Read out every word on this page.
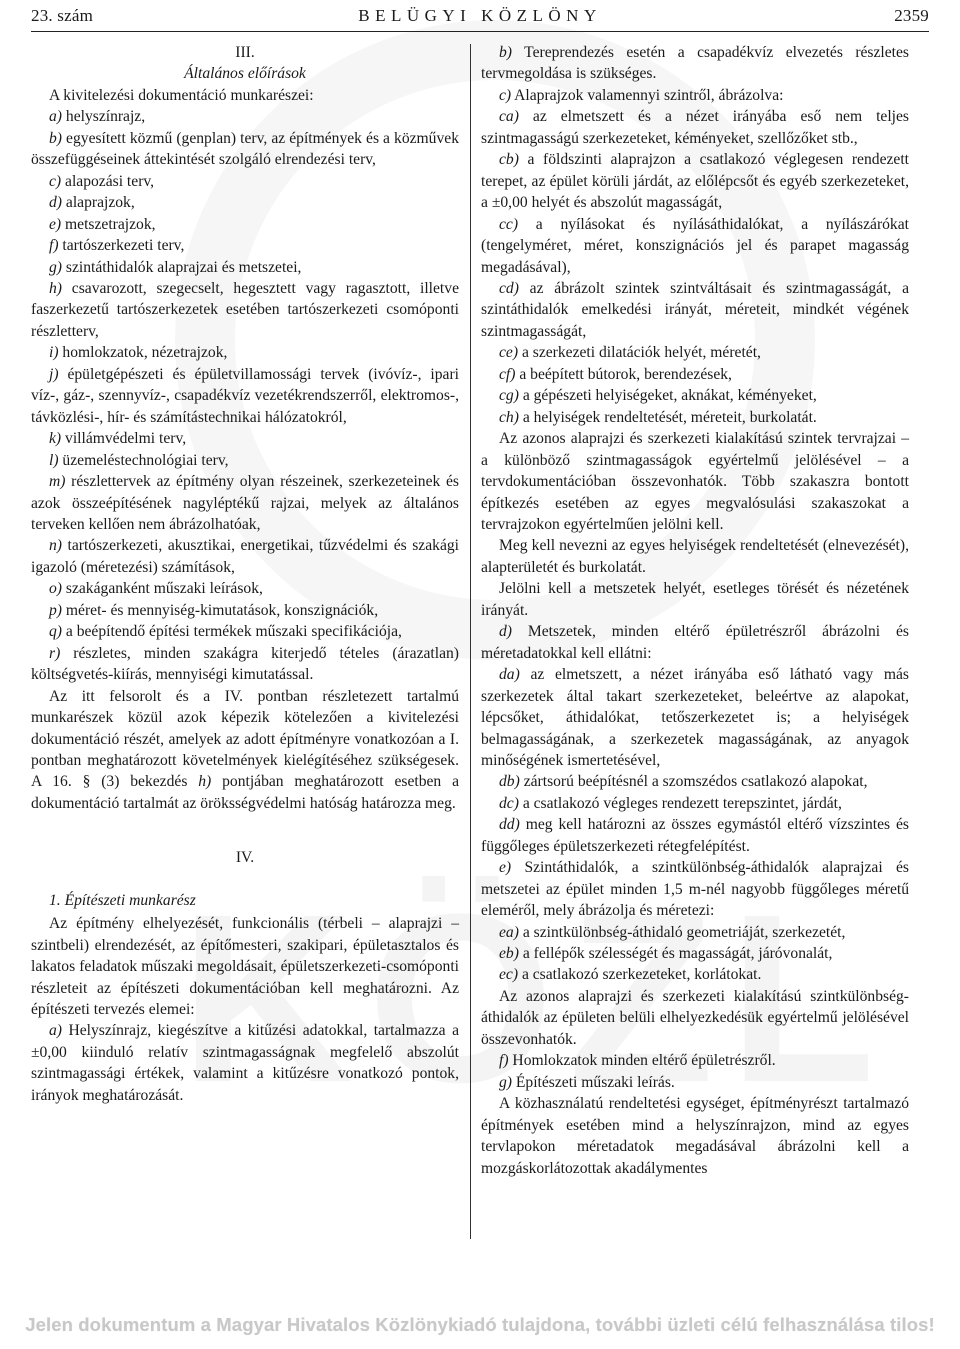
23. szám	BELÜGYI KÖZLÖNY	2359

III.

Általános előírások

A kivitelezési dokumentáció munkarészei:

a) helyszínrajz,

b) egyesített közmű (genplan) terv, az építmények és a közművek összefüggéseinek áttekintését szolgáló elrendezési terv,

c) alapozási terv,

d) alaprajzok,

e) metszetrajzok,

f) tartószerkezeti terv,

g) szintáthidalók alaprajzai és metszetei,

h) csavarozott, szegecselt, hegesztett vagy ragasztott, illetve faszerkezetű tartószerkezetek esetében tartószerkezeti csomóponti részletterv,

i) homlokzatok, nézetrajzok,

j) épületgépészeti és épületvillamossági tervek (ivóvíz-, ipari víz-, gáz-, szennyvíz-, csapadékvíz vezetékrendszerről, elektromos-, távközlési-, hír- és számítástechnikai hálózatokról,

k) villámvédelmi terv,

l) üzemeléstechnológiai terv,

m) részlettervek az építmény olyan részeinek, szerkezeteinek és azok összeépítésének nagyléptékű rajzai, melyek az általános terveken kellően nem ábrázolhatóak,

n) tartószerkezeti, akusztikai, energetikai, tűzvédelmi és szakági igazoló (méretezési) számítások,

o) szakáganként műszaki leírások,

p) méret- és mennyiség-kimutatások, konszignációk,

q) a beépítendő építési termékek műszaki specifikációja,

r) részletes, minden szakágra kiterjedő tételes (árazatlan) költségvetés-kiírás, mennyiségi kimutatással.

Az itt felsorolt és a IV. pontban részletezett tartalmú munkarészek közül azok képezik kötelezően a kivitelezési dokumentáció részét, amelyek az adott építményre vonatkozóan a I. pontban meghatározott követelmények kielégítéséhez szükségesek. A 16. § (3) bekezdés h) pontjában meghatározott esetben a dokumentáció tartalmát az öröksségvédelmi hatóság határozza meg.

IV.

1. Építészeti munkarész

Az építmény elhelyezését, funkcionális (térbeli – alaprajzi – szintbeli) elrendezését, az építőmesteri, szakipari, épületasztalos és lakatos feladatok műszaki megoldásait, épületszerkezeti-csomóponti részleteit az építészeti dokumentációban kell meghatározni. Az építészeti tervezés elemei:

a) Helyszínrajz, kiegészítve a kitűzési adatokkal, tartalmazza a ±0,00 kiinduló relatív szintmagasságnak megfelelő abszolút szintmagassági értékek, valamint a kitűzésre vonatkozó pontok, irányok meghatározását.

b) Tereprendezés esetén a csapadékvíz elvezetés részletes tervmegoldása is szükséges.

c) Alaprajzok valamennyi szintről, ábrázolva:

ca) az elmetszett és a nézet irányába eső nem teljes szintmagasságú szerkezeteket, kéményeket, szellőzőket stb.,

cb) a földszinti alaprajzon a csatlakozó véglegesen rendezett terepet, az épület körüli járdát, az előlépcsőt és egyéb szerkezeteket, a ±0,00 helyét és abszolút magasságát,

cc) a nyílásokat és nyílásáthidalókat, a nyílászárókat (tengelyméret, méret, konszignációs jel és parapet magasság megadásával),

cd) az ábrázolt szintek szintváltásait és szintmagasságát, a szintáthidalók emelkedési irányát, méreteit, mindkét végének szintmagasságát,

ce) a szerkezeti dilatációk helyét, méretét,

cf) a beépített bútorok, berendezések,

cg) a gépészeti helyiségeket, aknákat, kéményeket,

ch) a helyiségek rendeltetését, méreteit, burkolatát.

Az azonos alaprajzi és szerkezeti kialakítású szintek tervrajzai – a különböző szintmagasságok egyértelmű jelölésével – a tervdokumentációban összevonhatók. Több szakaszra bontott építkezés esetében az egyes megvalósulási szakaszokat a tervrajzokon egyértelműen jelölni kell.

Meg kell nevezni az egyes helyiségek rendeltetését (elnevezését), alapterületét és burkolatát.

Jelölni kell a metszetek helyét, esetleges törését és nézetének irányát.

d) Metszetek, minden eltérő épületrészről ábrázolni és méretadatokkal kell ellátni:

da) az elmetszett, a nézet irányába eső látható vagy más szerkezetek által takart szerkezeteket, beleértve az alapokat, lépcsőket, áthidalókat, tetőszerkezetet is; a helyiségek belmagasságának, a szerkezetek magasságának, az anyagok minőségének ismertetésével,

db) zártsorú beépítésnél a szomszédos csatlakozó alapokat,

dc) a csatlakozó végleges rendezett terepszintet, járdát,

dd) meg kell határozni az összes egymástól eltérő vízszintes és függőleges épületszerkezeti rétegfelépítést.

e) Szintáthidalók, a szintkülönbség-áthidalók alaprajzai és metszetei az épület minden 1,5 m-nél nagyobb függőleges méretű eleméről, mely ábrázolja és méretezi:

ea) a szintkülönbség-áthidaló geometriáját, szerkezetét,

eb) a fellépők szélességét és magasságát, járóvonalát,

ec) a csatlakozó szerkezeteket, korlátokat.

Az azonos alaprajzi és szerkezeti kialakítású szintkülönbség-áthidalók az épületen belüli elhelyezkedésük egyértelmű jelölésével összevonhatók.

f) Homlokzatok minden eltérő épületrészről.

g) Építészeti műszaki leírás.

A közhasználatú rendeltetési egységet, építményrészt tartalmazó építmények esetében mind a helyszínrajzon, mind az egyes tervlapokon méretadatok megadásával ábrázolni kell a mozgáskorlátozottak akadálymentes

Jelen dokumentum a Magyar Hivatalos Közlönykiadó tulajdona, további üzleti célú felhasználása tilos!
